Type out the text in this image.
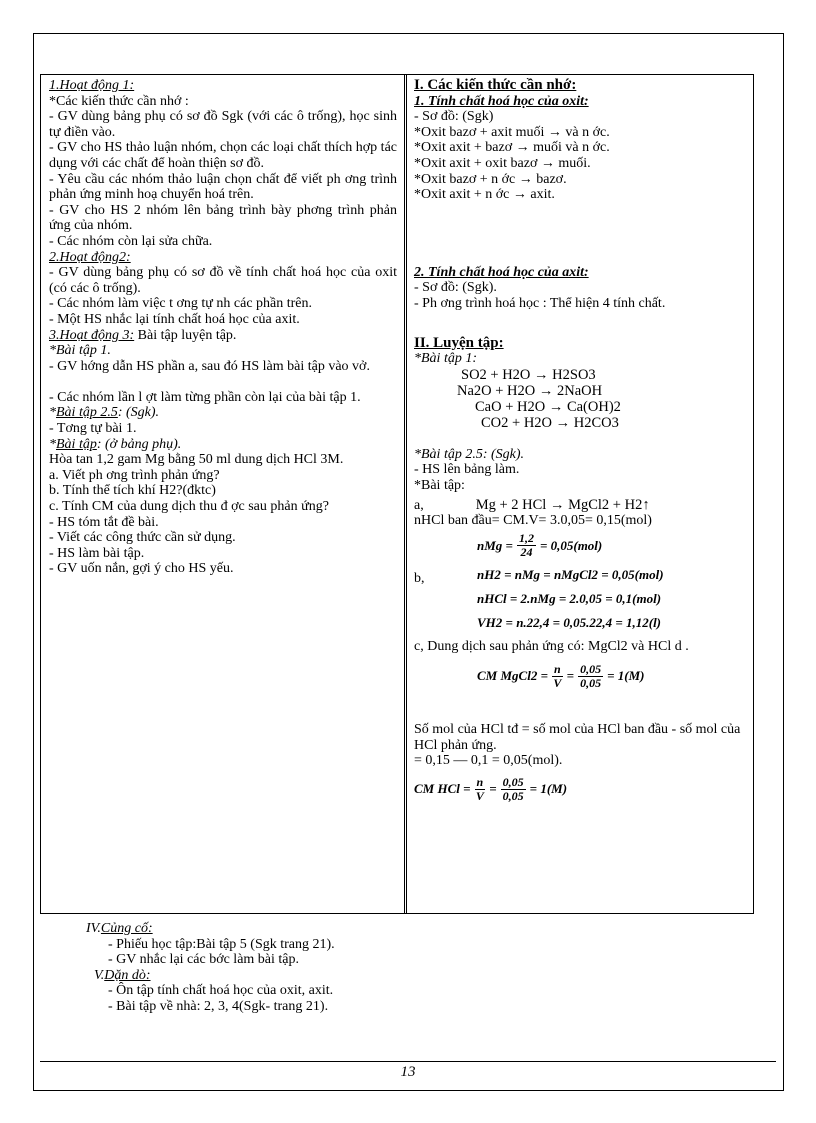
1.Hoạt động 1:

*Các kiến thức cần nhớ :

- GV dùng bảng phụ có sơ đồ Sgk (với các ô trống), học sinh tự điền vào.

- GV cho HS thảo luận nhóm, chọn các loại chất thích hợp tác dụng với các chất để hoàn thiện sơ đồ.

- Yêu cầu các nhóm thảo luận chọn chất để viết ph ơng trình phản ứng minh hoạ chuyển hoá trên.

- GV cho HS 2 nhóm lên bảng trình bày phơng trình phản ứng của nhóm.

- Các nhóm còn lại sửa chữa.

2.Hoạt động2:

- GV dùng bảng phụ có sơ đồ về tính chất hoá học của oxit (có các ô trống).

- Các nhóm làm việc t ơng tự nh các phần trên.

- Một HS nhắc lại tính chất hoá học của axit.

3.Hoạt động 3: Bài tập luyện tập.

*Bài tập 1.

- GV hớng dẫn HS phần a, sau đó HS làm bài tập vào vở.

- Các nhóm lần l ợt làm từng phần còn lại của bài tập 1.

*Bài tập 2.5: (Sgk).

- Tơng tự bài 1.

*Bài tập: (ở bảng phụ).

Hòa tan 1,2 gam Mg bằng 50 ml dung dịch HCl 3M.

a. Viết ph ơng trình phản ứng?

b. Tính thể tích khí H2?(đktc)

c. Tính CM của dung dịch thu đ ợc sau phản ứng?

- HS tóm tắt đề bài.

- Viết các công thức cần sử dụng.

- HS làm bài tập.

- GV uốn nắn, gợi ý cho HS yếu.

I. Các kiến thức cần nhớ:

1. Tính chất hoá học của oxit:

- Sơ đồ: (Sgk)

*Oxit bazơ + axit muối → và n ớc.

*Oxit axit + bazơ → muối và n ớc.

*Oxit axit + oxit bazơ → muối.

*Oxit bazơ + n ớc → bazơ.

*Oxit axit + n ớc → axit.

2. Tính chất hoá học của axit:

- Sơ đồ: (Sgk).

- Ph ơng trình hoá học : Thể hiện 4 tính chất.

II. Luyện tập:

*Bài tập 1:

SO2 + H2O → H2SO3

Na2O + H2O → 2NaOH

CaO + H2O → Ca(OH)2

CO2 + H2O → H2CO3

*Bài tập 2.5: (Sgk).

- HS lên bảng làm.

*Bài tập:

a,	Mg + 2 HCl → MgCl2 + H2↑

nHCl ban đầu= CM.V= 3.0,05= 0,15(mol)

nMg = $\frac{1,2}{24} = 0,05(mol)$
b,	nH2 = nMg = nMgCl2 = 0,05(mol)
nHCl = 2.nMg = 2.0,05 = 0,1(mol)
VH2 = n.22,4 = 0,05.22,4 = 1,12(l)

c, Dung dịch sau phản ứng có: MgCl2 và HCl d .

CM MgCl2 = $\frac{n}{V} = \frac{0,05}{0,05} = 1(M)$

Số mol của HCl tđ = số mol của HCl ban đầu - số mol của HCl phản ứng.

= 0,15 — 0,1 = 0,05(mol).

CM HCl = $\frac{n}{V} = \frac{0,05}{0,05} = 1(M)$

IV.Củng cố:

- Phiếu học tập:Bài tập 5 (Sgk trang 21).

- GV nhắc lại các bớc làm bài tập.

V.Dặn dò:

- Ôn tập tính chất hoá học của oxit, axit.

- Bài tập về nhà: 2, 3, 4(Sgk- trang 21).

13
